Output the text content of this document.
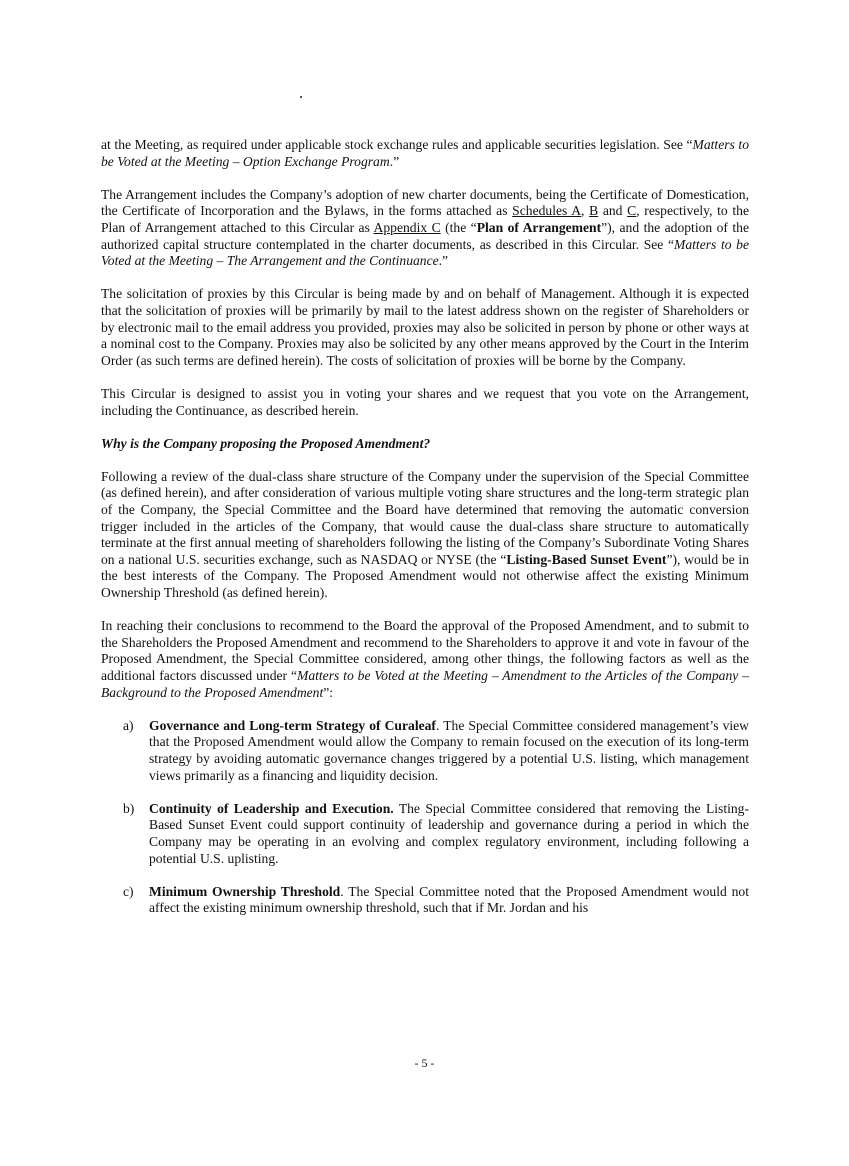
at the Meeting, as required under applicable stock exchange rules and applicable securities legislation. See “Matters to be Voted at the Meeting – Option Exchange Program.”

The Arrangement includes the Company’s adoption of new charter documents, being the Certificate of Domestication, the Certificate of Incorporation and the Bylaws, in the forms attached as Schedules A, B and C, respectively, to the Plan of Arrangement attached to this Circular as Appendix C (the “Plan of Arrangement”), and the adoption of the authorized capital structure contemplated in the charter documents, as described in this Circular. See “Matters to be Voted at the Meeting – The Arrangement and the Continuance.”

The solicitation of proxies by this Circular is being made by and on behalf of Management. Although it is expected that the solicitation of proxies will be primarily by mail to the latest address shown on the register of Shareholders or by electronic mail to the email address you provided, proxies may also be solicited in person by phone or other ways at a nominal cost to the Company. Proxies may also be solicited by any other means approved by the Court in the Interim Order (as such terms are defined herein). The costs of solicitation of proxies will be borne by the Company.

This Circular is designed to assist you in voting your shares and we request that you vote on the Arrangement, including the Continuance, as described herein.

Why is the Company proposing the Proposed Amendment?

Following a review of the dual-class share structure of the Company under the supervision of the Special Committee (as defined herein), and after consideration of various multiple voting share structures and the long-term strategic plan of the Company, the Special Committee and the Board have determined that removing the automatic conversion trigger included in the articles of the Company, that would cause the dual-class share structure to automatically terminate at the first annual meeting of shareholders following the listing of the Company’s Subordinate Voting Shares on a national U.S. securities exchange, such as NASDAQ or NYSE (the “Listing-Based Sunset Event”), would be in the best interests of the Company. The Proposed Amendment would not otherwise affect the existing Minimum Ownership Threshold (as defined herein).

In reaching their conclusions to recommend to the Board the approval of the Proposed Amendment, and to submit to the Shareholders the Proposed Amendment and recommend to the Shareholders to approve it and vote in favour of the Proposed Amendment, the Special Committee considered, among other things, the following factors as well as the additional factors discussed under “Matters to be Voted at the Meeting – Amendment to the Articles of the Company – Background to the Proposed Amendment”:

a)	Governance and Long-term Strategy of Curaleaf. The Special Committee considered management’s view that the Proposed Amendment would allow the Company to remain focused on the execution of its long-term strategy by avoiding automatic governance changes triggered by a potential U.S. listing, which management views primarily as a financing and liquidity decision.
b)	Continuity of Leadership and Execution. The Special Committee considered that removing the Listing-Based Sunset Event could support continuity of leadership and governance during a period in which the Company may be operating in an evolving and complex regulatory environment, including following a potential U.S. uplisting.
c)	Minimum Ownership Threshold. The Special Committee noted that the Proposed Amendment would not affect the existing minimum ownership threshold, such that if Mr. Jordan and his
- 5 -
